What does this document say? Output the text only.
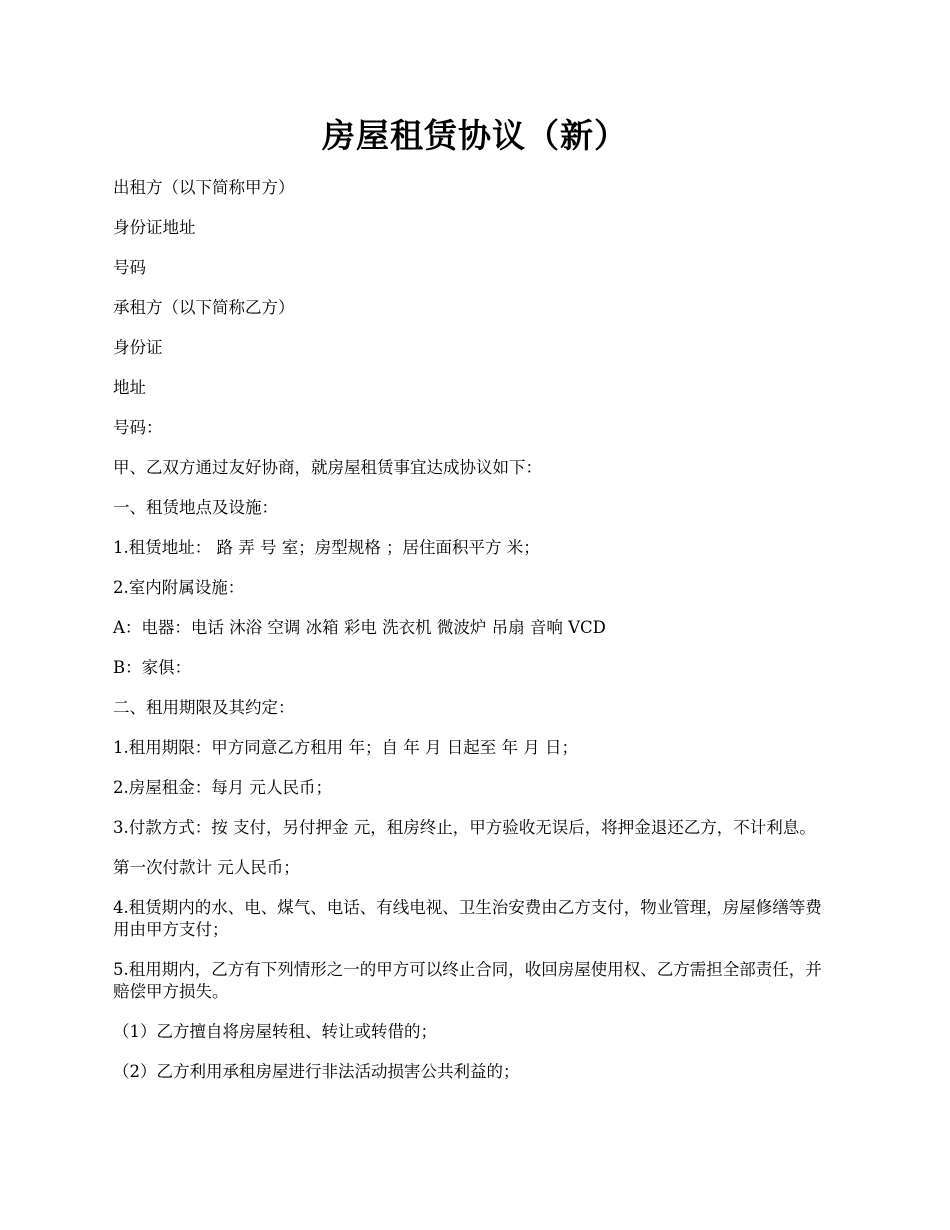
房屋租赁协议（新）

出租方（以下简称甲方）

身份证地址

号码

承租方（以下简称乙方）

身份证

地址

号码：

甲、乙双方通过友好协商，就房屋租赁事宜达成协议如下：

一、租赁地点及设施：

1.租赁地址： 路 弄 号 室；房型规格 ；居住面积平方 米；

2.室内附属设施：

A：电器：电话 沐浴 空调 冰箱 彩电 洗衣机 微波炉 吊扇 音响 VCD

B：家俱：

二、租用期限及其约定：

1.租用期限：甲方同意乙方租用 年；自 年 月 日起至 年 月 日；

2.房屋租金：每月 元人民币；

3.付款方式：按 支付，另付押金 元，租房终止，甲方验收无误后，将押金退还乙方，不计利息。

第一次付款计 元人民币；

4.租赁期内的水、电、煤气、电话、有线电视、卫生治安费由乙方支付，物业管理，房屋修缮等费用由甲方支付；

5.租用期内，乙方有下列情形之一的甲方可以终止合同，收回房屋使用权、乙方需担全部责任，并赔偿甲方损失。

（1）乙方擅自将房屋转租、转让或转借的；

（2）乙方利用承租房屋进行非法活动损害公共利益的；
